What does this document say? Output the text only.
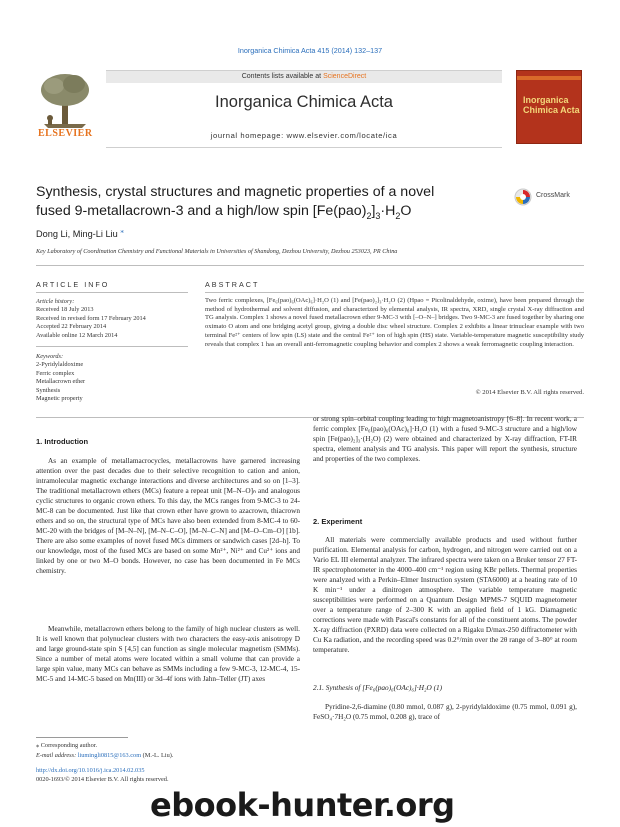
Inorganica Chimica Acta 415 (2014) 132–137
ELSEVIER
Contents lists available at ScienceDirect
Inorganica Chimica Acta
journal homepage: www.elsevier.com/locate/ica
Inorganica
Chimica Acta
CrossMark
Synthesis, crystal structures and magnetic properties of a novel
fused 9-metallacrown-3 and a high/low spin $[Fe(pao)_2]_3\cdot H_2O$
Dong Li, Ming-Li Liu ⁎
Key Laboratory of Coordination Chemistry and Functional Materials in Universities of Shandong, Dezhou University, Dezhou 253023, PR China
ARTICLE INFO	ABSTRACT
Article history:
Received 18 July 2013
Received in revised form 17 February 2014
Accepted 22 February 2014
Available online 12 March 2014
Keywords:
2-Pyridylaldoxime
Ferric complex
Metallacrown ether
Synthesis
Magnetic property
Two ferric complexes, [Fe₆(pao)₆(OAc)₆]·H₂O (1) and [Fe(pao)₂]₃·H₂O (2) (Hpao = Picolinaldehyde, oxime), have been prepared through the method of hydrothermal and solvent diffusion, and characterized by elemental analysis, IR spectra, XRD, single crystal X-ray diffraction and TG analysis. Complex 1 shows a novel fused metallacrown ether 9-MC-3 with [–O–N–] bridges. Two 9-MC-3 are fused together by sharing one oximato O atom and one bridging acetyl group, giving a double disc wheel structure. Complex 2 exhibits a linear trinuclear example with two terminal Fe²⁺ centers of low spin (LS) state and the central Fe²⁺ ion of high spin (HS) state. Variable-temperature magnetic susceptibility study reveals that complex 1 has an overall anti-ferromagnetic coupling behavior and complex 2 shows a weak ferromagnetic coupling interaction.
© 2014 Elsevier B.V. All rights reserved.
1. Introduction
As an example of metallamacrocycles, metallacrowns have garnered increasing attention over the past decades due to their selective recognition to cation and anion, intramolecular magnetic exchange interactions and diverse architectures and so on [1–3]. The traditional metallacrown ethers (MCs) feature a repeat unit [M–N–O]ₙ and analogous cyclic structures to organic crown ethers. To this day, the MCs ranges from 9-MC-3 to 24-MC-8 can be documented. Just like that crown ether have grown to azacrown, thiacrown ethers and so on, the structural type of MCs have also been extended from 8-MC-4 to 60-MC-20 with the bridges of [M–N–N], [M–N–C–O], [M–N–C–N] and [M–O–Cm–O] [1b]. There are also some examples of novel fused MCs dimmers or sandwich cases [2d–h]. To our knowledge, most of the fused MCs are based on some Mn²⁺, Ni²⁺ and Cu²⁺ ions and linked by one or two M–O bonds. However, no case has been documented in Fe MCs chemistry.
Meanwhile, metallacrown ethers belong to the family of high nuclear clusters as well. It is well known that polynuclear clusters with two characters the easy-axis anisotropy D and large ground-state spin S [4,5] can function as single molecular magnetism (SMMs). Since a number of metal atoms were located within a small volume that can provide a large spin value, many MCs can behave as SMMs including a few 9-MC-3, 12-MC-4, 15-MC-5 and 14-MC-5 based on Mn(III) or 3d–4f ions with Jahn–Teller (JT) axes
or strong spin–orbital coupling leading to high magnetoanistropy [6–8]. In recent work, a ferric complex [Fe₆(pao)₆(OAc)₆]·H₂O (1) with a fused 9-MC-3 structure and a high/low spin [Fe(pao)₂]₃·(H₂O) (2) were obtained and characterized by X-ray diffraction, FT-IR spectra, element analysis and TG analysis. This paper will report the synthesis, structure and properties of the two complexes.
2. Experiment
All materials were commercially available products and used without further purification. Elemental analysis for carbon, hydrogen, and nitrogen were carried out on a Vario EL III elemental analyzer. The infrared spectra were taken on a Bruker tensor 27 FT-IR spectrophotometer in the 4000–400 cm⁻¹ region using KBr pellets. Thermal properties were analyzed with a Perkin–Elmer Instruction system (STA6000) at a heating rate of 10 K min⁻¹ under a dinitrogen atmosphere. The variable temperature magnetic susceptibilities were performed on a Quantum Design MPMS-7 SQUID magnetometer over a temperature range of 2–300 K with an applied field of 1 kG. Diamagnetic corrections were made with Pascal's constants for all of the constituent atoms. The powder X-ray diffraction (PXRD) data were collected on a Rigaku D/max-250 diffractometer with Cu Ka radiation, and the recording speed was 0.2°/min over the 2θ range of 3–80° at room temperature.
2.1. Synthesis of [Fe₆(pao)₆(OAc)₆]·H₂O (1)
Pyridine-2,6-diamine (0.80 mmol, 0.087 g), 2-pyridylaldoxime (0.75 mmol, 0.091 g), FeSO₄·7H₂O (0.75 mmol, 0.208 g), trace of
⁎ Corresponding author.
E-mail address: liumingli0815@163.com (M.-L. Liu).
http://dx.doi.org/10.1016/j.ica.2014.02.035
0020-1693/© 2014 Elsevier B.V. All rights reserved.
ebook-hunter.org
